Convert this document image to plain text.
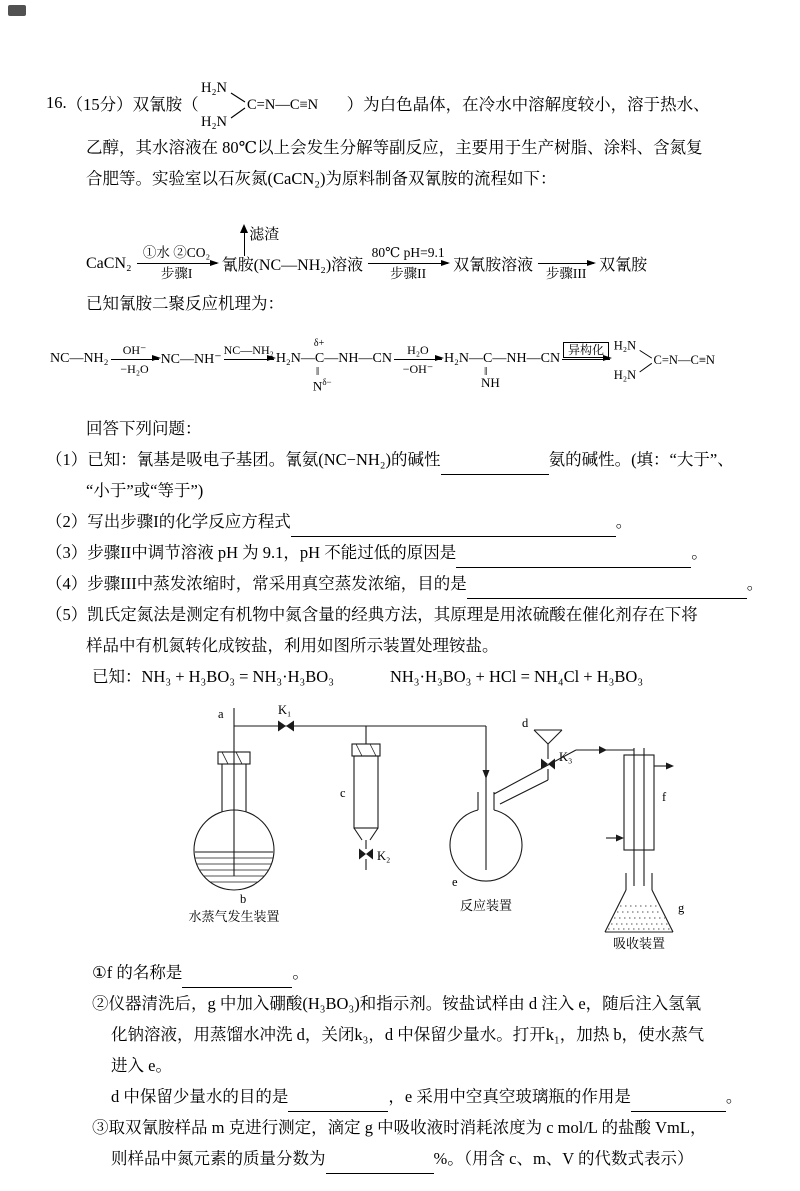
16. （15分）双氰胺（
H₂N
H₂N
C=N—C≡N ）为白色晶体，在冷水中溶解度较小，溶于热水、
乙醇，其水溶液在 80℃以上会发生分解等副反应，主要用于生产树脂、涂料、含氮复
合肥等。实验室以石灰氮(CaCN₂)为原料制备双氰胺的流程如下：
CaCN₂
①水 ②CO₂
步骤I 氰胺(NC—NH₂)溶液
80℃ pH=9.1
步骤II 双氰胺溶液 步骤III 双氰胺
滤渣
已知氰胺二聚反应机理为：
NC—NH₂
OH⁻
−H₂O
NC—NH⁻
NC—NH₂
H₂N—
δ+
C
‖
$N^{\delta-}$
—NH—CN
H₂O
−OH⁻
H₂N—C
‖
NH
—NH—CN
异构化 H₂N
H₂N
C=N—C≡N
回答下列问题：
（1）已知：氰基是吸电子基团。氰氨(NC−NH₂)的碱性	氨的碱性。(填：“大于”、
“小于”或“等于”)
（2）写出步骤I的化学反应方程式	。
（3）步骤II中调节溶液 pH 为 9.1，pH 不能过低的原因是	。
（4）步骤III中蒸发浓缩时，常采用真空蒸发浓缩，目的是	。
（5）凯氏定氮法是测定有机物中氮含量的经典方法，其原理是用浓硫酸在催化剂存在下将
样品中有机氮转化成铵盐，利用如图所示装置处理铵盐。
已知：NH₃ + H₃BO₃ = NH₃·H₃BO₃	NH₃·H₃BO₃ + HCl = NH₄Cl + H₃BO₃
a
b
水蒸气发生装置
K₁
c
K₂
d
K₃
e
反应装置
f
g
吸收装置
①f 的名称是	。
②仪器清洗后，g 中加入硼酸(H₃BO₃)和指示剂。铵盐试样由 d 注入 e，随后注入氢氧
化钠溶液，用蒸馏水冲洗 d，关闭k₃，d 中保留少量水。打开k₁，加热 b，使水蒸气
进入 e。
d 中保留少量水的目的是	，e 采用中空真空玻璃瓶的作用是	。
③取双氰胺样品 m 克进行测定，滴定 g 中吸收液时消耗浓度为 c mol/L 的盐酸 VmL，
则样品中氮元素的质量分数为	%。（用含 c、m、V 的代数式表示）
